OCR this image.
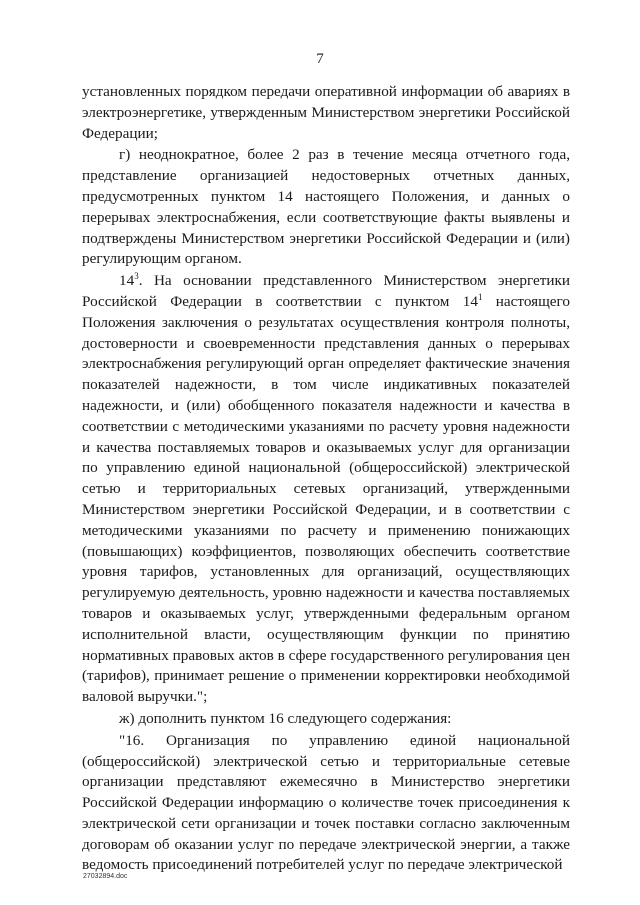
7

установленных порядком передачи оперативной информации об авариях в электроэнергетике, утвержденным Министерством энергетики Российской Федерации;

г) неоднократное, более 2 раз в течение месяца отчетного года, представление организацией недостоверных отчетных данных, предусмотренных пунктом 14 настоящего Положения, и данных о перерывах электроснабжения, если соответствующие факты выявлены и подтверждены Министерством энергетики Российской Федерации и (или) регулирующим органом.

$14^3$. На основании представленного Министерством энергетики Российской Федерации в соответствии с пунктом $14^1$ настоящего Положения заключения о результатах осуществления контроля полноты, достоверности и своевременности представления данных о перерывах электроснабжения регулирующий орган определяет фактические значения показателей надежности, в том числе индикативных показателей надежности, и (или) обобщенного показателя надежности и качества в соответствии с методическими указаниями по расчету уровня надежности и качества поставляемых товаров и оказываемых услуг для организации по управлению единой национальной (общероссийской) электрической сетью и территориальных сетевых организаций, утвержденными Министерством энергетики Российской Федерации, и в соответствии с методическими указаниями по расчету и применению понижающих (повышающих) коэффициентов, позволяющих обеспечить соответствие уровня тарифов, установленных для организаций, осуществляющих регулируемую деятельность, уровню надежности и качества поставляемых товаров и оказываемых услуг, утвержденными федеральным органом исполнительной власти, осуществляющим функции по принятию нормативных правовых актов в сфере государственного регулирования цен (тарифов), принимает решение о применении корректировки необходимой валовой выручки.";

ж) дополнить пунктом 16 следующего содержания:

"16. Организация по управлению единой национальной (общероссийской) электрической сетью и территориальные сетевые организации представляют ежемесячно в Министерство энергетики Российской Федерации информацию о количестве точек присоединения к электрической сети организации и точек поставки согласно заключенным договорам об оказании услуг по передаче электрической энергии, а также ведомость присоединений потребителей услуг по передаче электрической

27032894.doc
